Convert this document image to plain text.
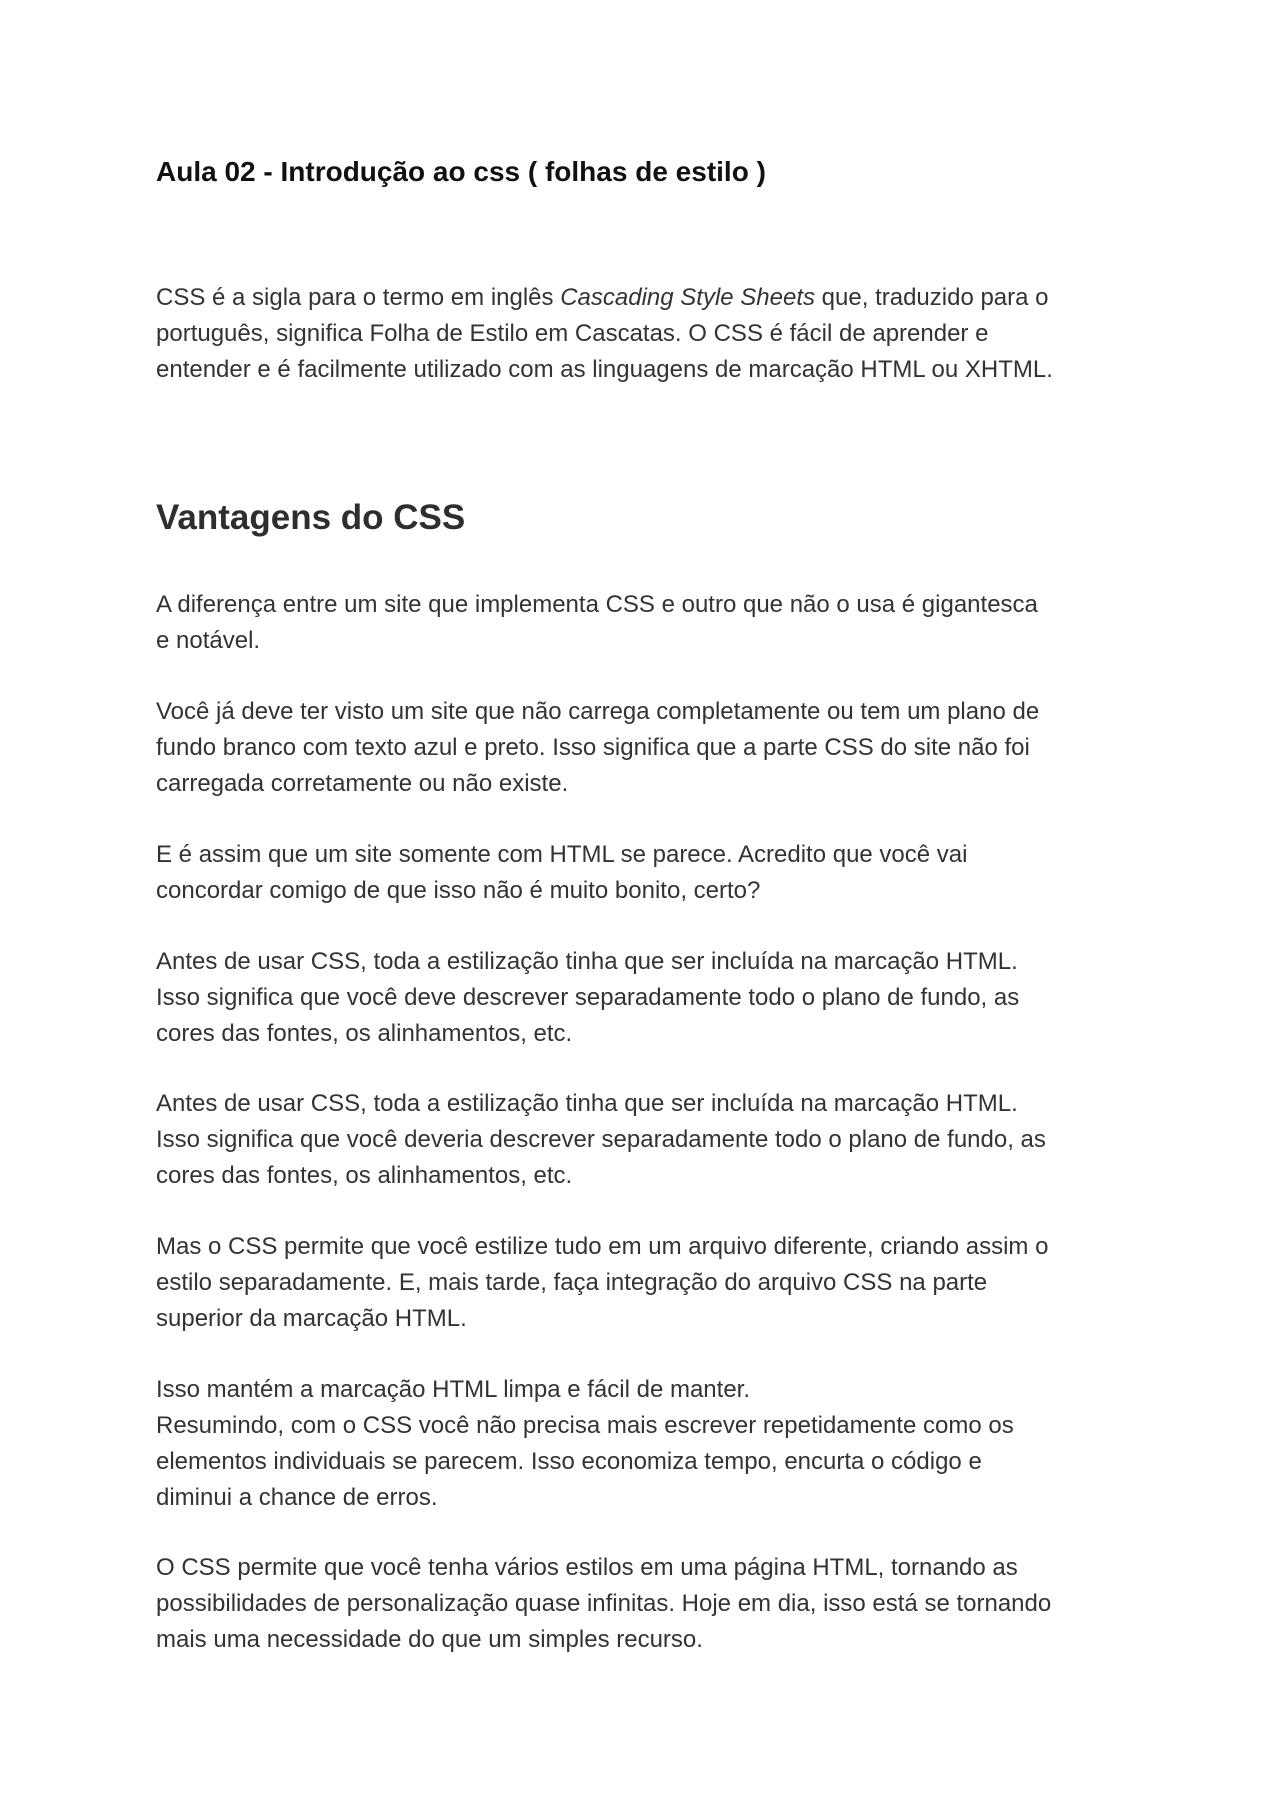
Aula 02 - Introdução ao css ( folhas de estilo )

CSS é a sigla para o termo em inglês Cascading Style Sheets que, traduzido para o
português, significa Folha de Estilo em Cascatas. O CSS é fácil de aprender e
entender e é facilmente utilizado com as linguagens de marcação HTML ou XHTML.

Vantagens do CSS

A diferença entre um site que implementa CSS e outro que não o usa é gigantesca
e notável.

Você já deve ter visto um site que não carrega completamente ou tem um plano de
fundo branco com texto azul e preto. Isso significa que a parte CSS do site não foi
carregada corretamente ou não existe.

E é assim que um site somente com HTML se parece. Acredito que você vai
concordar comigo de que isso não é muito bonito, certo?

Antes de usar CSS, toda a estilização tinha que ser incluída na marcação HTML.
Isso significa que você deve descrever separadamente todo o plano de fundo, as
cores das fontes, os alinhamentos, etc.

Antes de usar CSS, toda a estilização tinha que ser incluída na marcação HTML.
Isso significa que você deveria descrever separadamente todo o plano de fundo, as
cores das fontes, os alinhamentos, etc.

Mas o CSS permite que você estilize tudo em um arquivo diferente, criando assim o
estilo separadamente. E, mais tarde, faça integração do arquivo CSS na parte
superior da marcação HTML.

Isso mantém a marcação HTML limpa e fácil de manter.
Resumindo, com o CSS você não precisa mais escrever repetidamente como os
elementos individuais se parecem. Isso economiza tempo, encurta o código e
diminui a chance de erros.

O CSS permite que você tenha vários estilos em uma página HTML, tornando as
possibilidades de personalização quase infinitas. Hoje em dia, isso está se tornando
mais uma necessidade do que um simples recurso.
